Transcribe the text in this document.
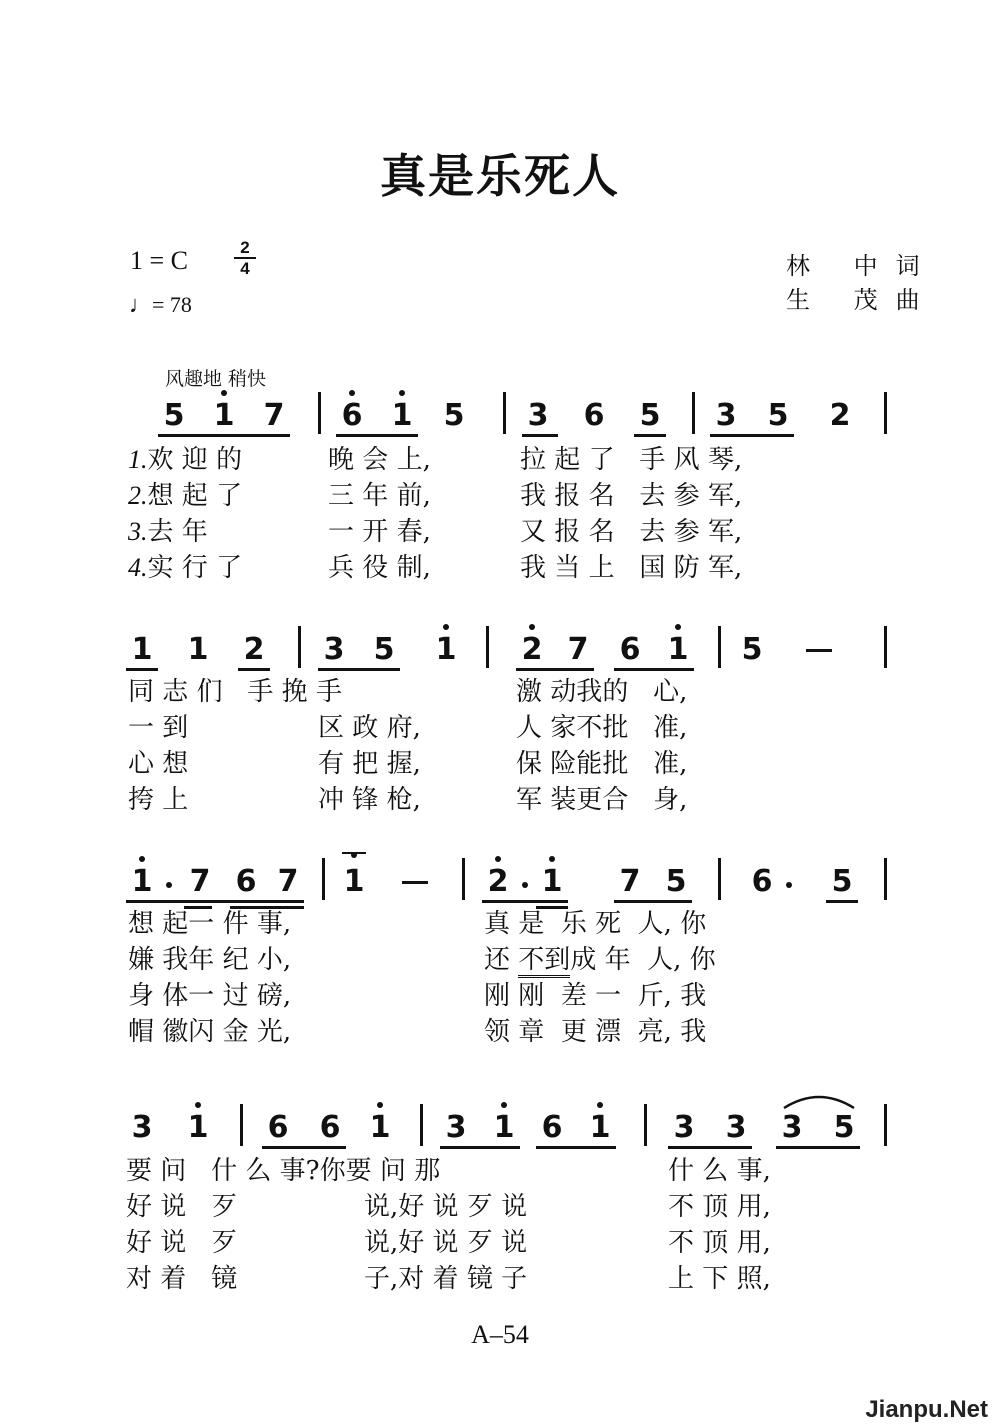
真是乐死人
1 = C	$\frac{2}{4}$
♩= 78
林 中词
生 茂曲
风趣地 稍快
5 1 7 6 1 5 3 6 5 3 5 2
1.欢 迎 的	晚 会 上,	拉 起 了 手 风 琴,
2.想 起 了	三 年 前,	我 报 名 去 参 军,
3.去 年	一 开 春,	又 报 名 去 参 军,
4.实 行 了	兵 役 制,	我 当 上 国 防 军,
1 1 2 3 5 1 2 7 6 1 5
同 志 们 手 挽 手	激 动我的 心,
一 到	区 政 府,	人 家不批 准,
心 想	有 把 握,	保 险能批 准,
挎 上	冲 锋 枪,	军 装更合 身,
1 7 6 7 1	2 1 7 5 6 5
想 起一 件 事,	真 是 乐 死 人, 你
嫌 我年 纪 小,	还 不到成 年 人, 你
身 体一 过 磅,	刚 刚 差 一 斤, 我
帽 徽闪 金 光,	领 章 更 漂 亮, 我
3 1 6 6 1 3 1 6 1 3 3 3 5
要 问 什 么 事?你要 问 那	什 么 事,
好 说 歹	说,好 说 歹 说	不 顶 用,
好 说 歹	说,好 说 歹 说	不 顶 用,
对 着 镜	子,对 着 镜 子	上 下 照,
A–54
Jianpu.Net
